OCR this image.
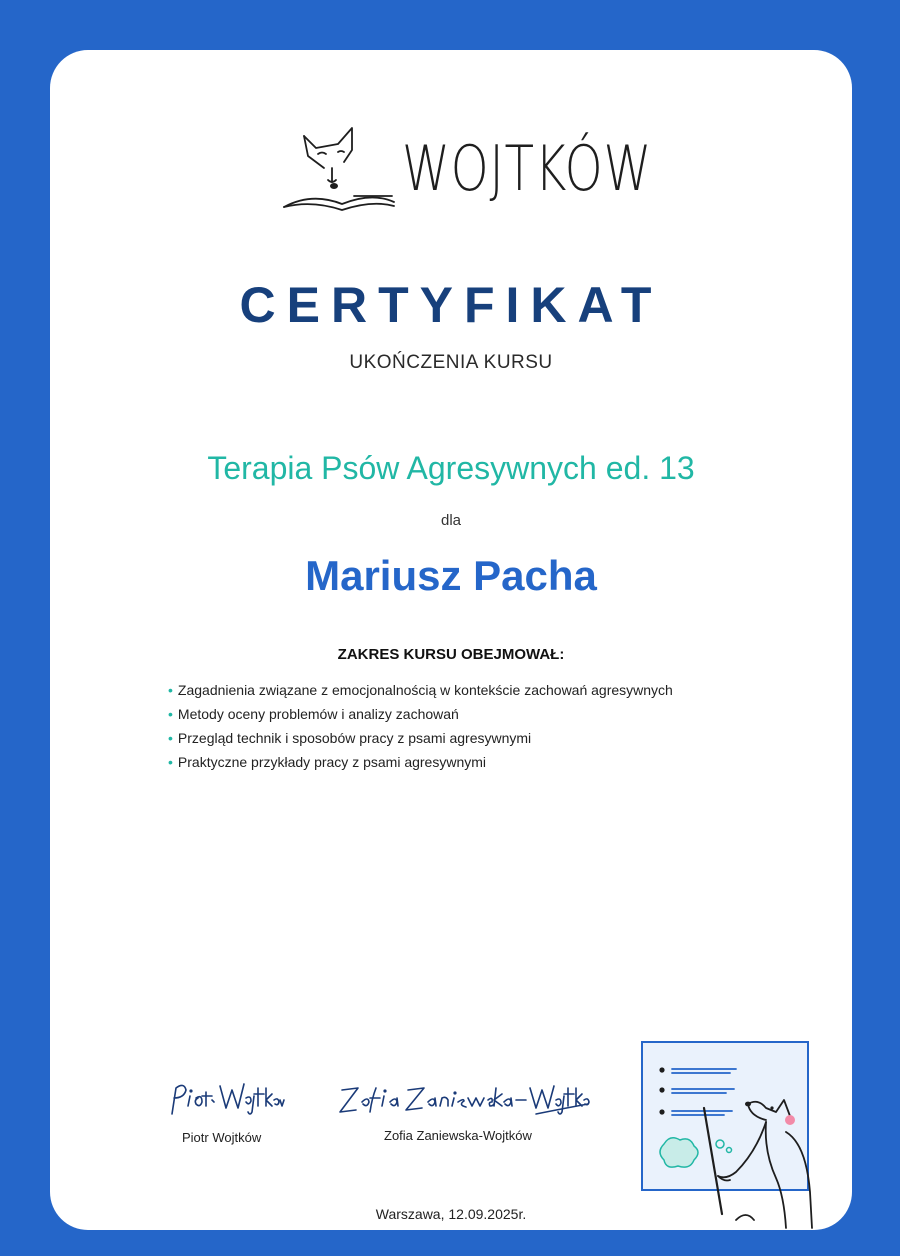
WOJTKÓW
CERTYFIKAT
UKOŃCZENIA KURSU
Terapia Psów Agresywnych ed. 13
dla
Mariusz Pacha
ZAKRES KURSU OBEJMOWAŁ:
• Zagadnienia związane z emocjonalnością w kontekście zachowań agresywnych
• Metody oceny problemów i analizy zachowań
• Przegląd technik i sposobów pracy z psami agresywnymi
• Praktyczne przykłady pracy z psami agresywnymi
Piotr Wojtków	Zofia Zaniewska-Wojtków
Warszawa, 12.09.2025r.
